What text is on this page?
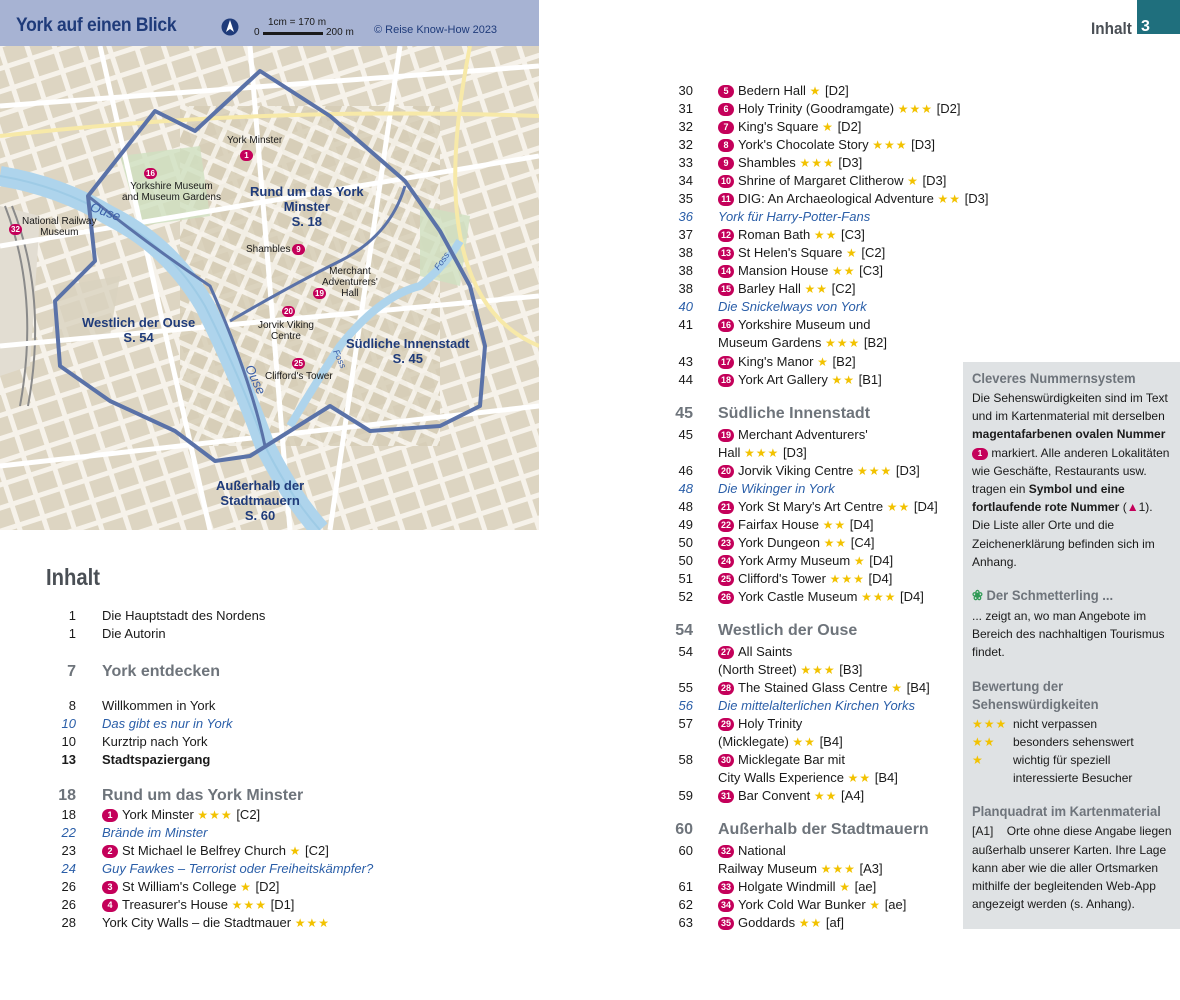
York auf einen Blick	1cm = 170 m
0	200 m © Reise Know-How 2023
York Minster
1
16
Yorkshire Museum
and Museum Gardens
32
National Railway
Museum
Shambles 9
Merchant
Adventurers'
Hall
19
20
Jorvik Viking
Centre
25
Clifford's Tower
Rund um das York
Minster
S. 18
Westlich der Ouse
S. 54	Südliche Innenstadt
S. 45
Außerhalb der
Stadtmauern
S. 60
Ouse
Ouse
Foss
Foss
Inhalt
1 Die Hauptstadt des Nordens
1 Die Autorin
7 York entdecken
8 Willkommen in York
10 Das gibt es nur in York
10 Kurztrip nach York
13 Stadtspaziergang
18 Rund um das York Minster
18	1 York Minster ★★★ [C2]
22 Brände im Minster
23	2 St Michael le Belfrey Church ★ [C2]
24 Guy Fawkes – Terrorist oder Freiheitskämpfer?
26	3 St William's College ★ [D2]
26	4 Treasurer's House ★★★ [D1]
28 York City Walls – die Stadtmauer ★★★
Inhalt 3
30	5 Bedern Hall ★ [D2]
31	6 Holy Trinity (Goodramgate) ★★★ [D2]
32	7 King's Square ★ [D2]
32	8 York's Chocolate Story ★★★ [D3]
33	9 Shambles ★★★ [D3]
34	10 Shrine of Margaret Clitherow ★ [D3]
35	11 DIG: An Archaeological Adventure ★★ [D3]
36 York für Harry-Potter-Fans
37	12 Roman Bath ★★ [C3]
38	13 St Helen's Square ★ [C2]
38	14 Mansion House ★★ [C3]
38	15 Barley Hall ★★ [C2]
40 Die Snickelways von York
41	16 Yorkshire Museum und
Museum Gardens ★★★ [B2]
43	17 King's Manor ★ [B2]
44	18 York Art Gallery ★★ [B1]
45 Südliche Innenstadt
45	19 Merchant Adventurers'
Hall ★★★ [D3]
46	20 Jorvik Viking Centre ★★★ [D3]
48 Die Wikinger in York
48	21 York St Mary's Art Centre ★★ [D4]
49	22 Fairfax House ★★ [D4]
50	23 York Dungeon ★★ [C4]
50	24 York Army Museum ★ [D4]
51	25 Clifford's Tower ★★★ [D4]
52	26 York Castle Museum ★★★ [D4]
54 Westlich der Ouse
54	27 All Saints
(North Street) ★★★ [B3]
55	28 The Stained Glass Centre ★ [B4]
56 Die mittelalterlichen Kirchen Yorks
57	29 Holy Trinity
(Micklegate) ★★ [B4]
58	30 Micklegate Bar mit
City Walls Experience ★★ [B4]
59	31 Bar Convent ★★ [A4]
60 Außerhalb der Stadtmauern
60	32 National
Railway Museum ★★★ [A3]
61	33 Holgate Windmill ★ [ae]
62	34 York Cold War Bunker ★ [ae]
63	35 Goddards ★★ [af]
Cleveres Nummernsystem
Die Sehenswürdigkeiten sind im Text und im Kartenmaterial mit derselben magentafarbenen ovalen Nummer 1 markiert. Alle anderen Lokalitäten wie Geschäfte, Restaurants usw. tragen ein Symbol und eine fortlaufende rote Nummer (▲1). Die Liste aller Orte und die Zeichenerklärung befinden sich im Anhang.
❀ Der Schmetterling ...
... zeigt an, wo man Angebote im Bereich des nachhaltigen Tourismus findet.
Bewertung der
Sehenswürdigkeiten
★★★ nicht verpassen
★★ besonders sehenswert
★ wichtig für speziell
interessierte Besucher
Planquadrat im Kartenmaterial
[A1] Orte ohne diese Angabe liegen außerhalb unserer Karten. Ihre Lage kann aber wie die aller Ortsmarken mithilfe der begleitenden Web-App angezeigt werden (s. Anhang).
